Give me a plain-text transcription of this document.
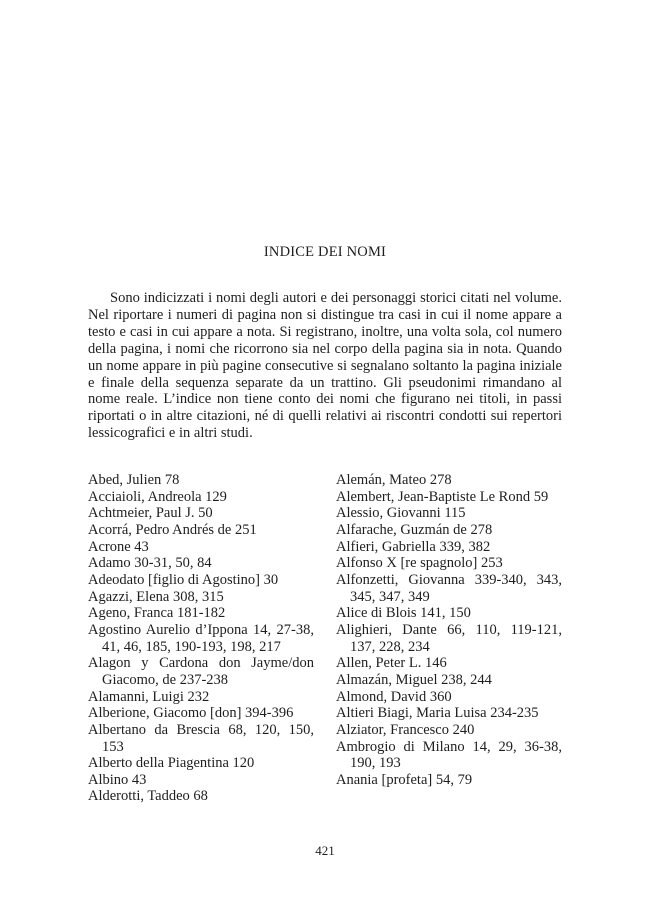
INDICE DEI NOMI

Sono indicizzati i nomi degli autori e dei personaggi storici citati nel volume. Nel riportare i numeri di pagina non si distingue tra casi in cui il nome appare a testo e casi in cui appare a nota. Si registrano, inoltre, una volta sola, col numero della pagina, i nomi che ricorrono sia nel corpo della pagina sia in nota. Quando un nome appare in più pagine consecutive si segnalano soltanto la pagina iniziale e finale della sequenza separate da un trattino. Gli pseudonimi rimandano al nome reale. L’indice non tiene conto dei nomi che figurano nei titoli, in passi riportati o in altre citazioni, né di quelli relativi ai riscontri condotti sui repertori lessicografici e in altri studi.

Abed, Julien 78
Acciaioli, Andreola 129
Achtmeier, Paul J. 50
Acorrá, Pedro Andrés de 251
Acrone 43
Adamo 30-31, 50, 84
Adeodato [figlio di Agostino] 30
Agazzi, Elena 308, 315
Ageno, Franca 181-182
Agostino Aurelio d’Ippona 14, 27-38, 41, 46, 185, 190-193, 198, 217
Alagon y Cardona don Jayme/don Giacomo, de 237-238
Alamanni, Luigi 232
Alberione, Giacomo [don] 394-396
Albertano da Brescia 68, 120, 150, 153
Alberto della Piagentina 120
Albino 43
Alderotti, Taddeo 68
Alemán, Mateo 278
Alembert, Jean-Baptiste Le Rond 59
Alessio, Giovanni 115
Alfarache, Guzmán de 278
Alfieri, Gabriella 339, 382
Alfonso X [re spagnolo] 253
Alfonzetti, Giovanna 339-340, 343, 345, 347, 349
Alice di Blois 141, 150
Alighieri, Dante 66, 110, 119-121, 137, 228, 234
Allen, Peter L. 146
Almazán, Miguel 238, 244
Almond, David 360
Altieri Biagi, Maria Luisa 234-235
Alziator, Francesco 240
Ambrogio di Milano 14, 29, 36-38, 190, 193
Anania [profeta] 54, 79
421
